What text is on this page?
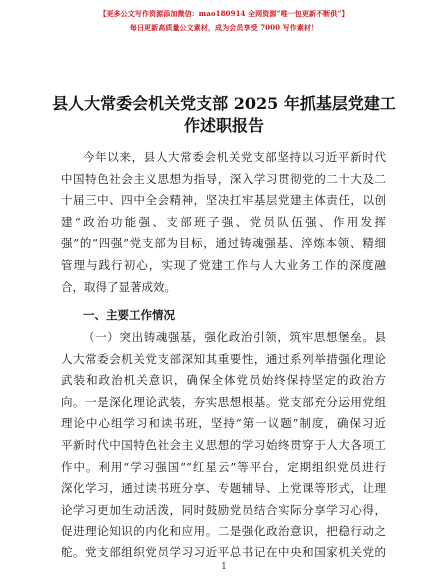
【更多公文写作资源添加微信：mao180914 全网资源“唯一包更新不断供”】
每日更新高质量公文素材，成为会员享受 7000 写作素材！
县人大常委会机关党支部 2025 年抓基层党建工
作述职报告
今年以来，县人大常委会机关党支部坚持以习近平新时代
中国特色社会主义思想为指导，深入学习贯彻党的二十大及二
十届三中、四中全会精神，坚决扛牢基层党建主体责任，以创
建“政治功能强、支部班子强、党员队伍强、作用发挥
强”的“四强”党支部为目标，通过铸魂强基、淬炼本领、精细
管理与践行初心，实现了党建工作与人大业务工作的深度融
合，取得了显著成效。
一、主要工作情况
（一）突出铸魂强基，强化政治引领，筑牢思想堡垒。县
人大常委会机关党支部深知其重要性，通过系列举措强化理论
武装和政治机关意识，确保全体党员始终保持坚定的政治方
向。一是深化理论武装，夯实思想根基。党支部充分运用党组
理论中心组学习和读书班，坚持“第一议题”制度，确保习近
平新时代中国特色社会主义思想的学习始终贯穿于人大各项工
作中。利用“学习强国”“红星云”等平台，定期组织党员进行
深化学习，通过读书班分享、专题辅导、上党课等形式，让理
论学习更加生动活泼，同时鼓励党员结合实际分享学习心得，
促进理论知识的内化和应用。二是强化政治意识，把稳行动之
舵。党支部组织党员学习习近平总书记在中央和国家机关党的
1
